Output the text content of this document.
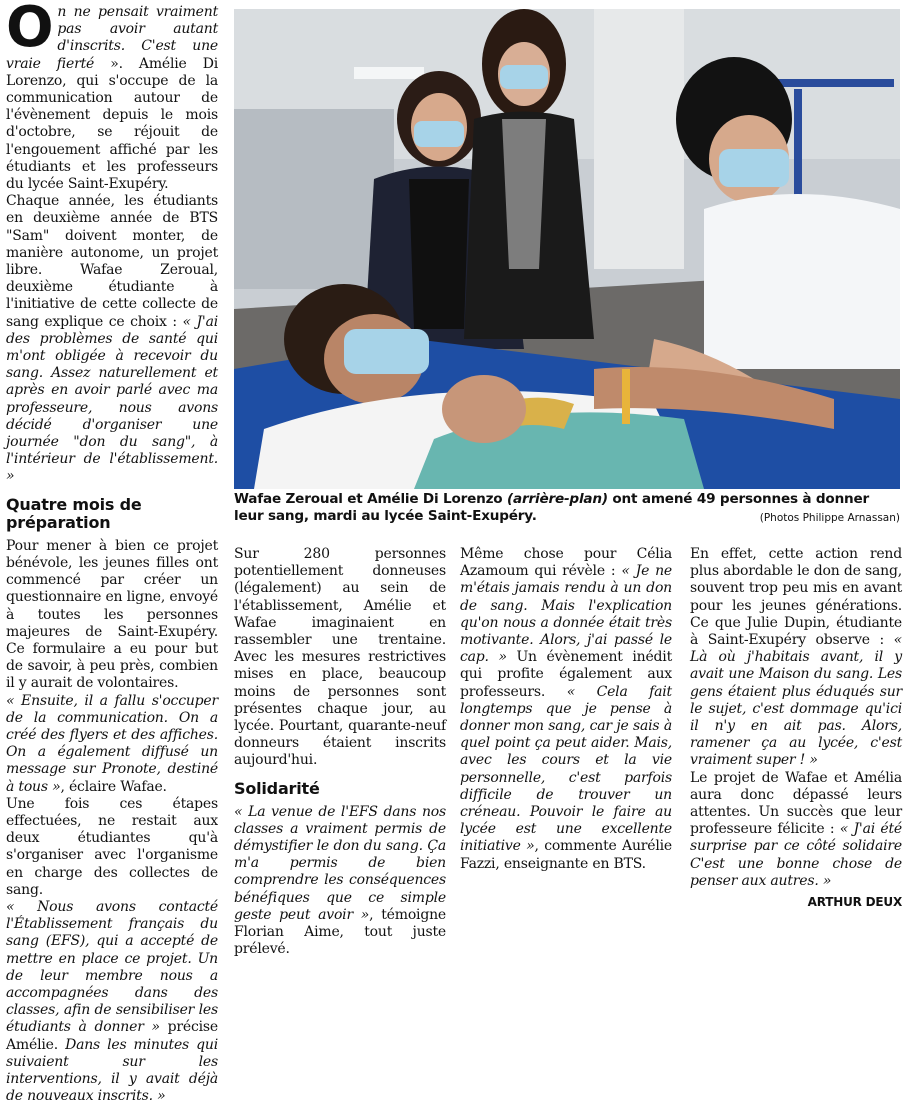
O n ne pensait vraiment pas avoir autant d'inscrits. C'est une vraie fierté ». Amélie Di Lorenzo, qui s'occupe de la communication autour de l'évènement depuis le mois d'octobre, se réjouit de l'engouement affiché par les étudiants et les professeurs du lycée Saint-Exupéry.

Chaque année, les étudiants en deuxième année de BTS "Sam" doivent monter, de manière autonome, un projet libre. Wafae Zeroual, deuxième étudiante à l'initiative de cette collecte de sang explique ce choix : « J'ai des problèmes de santé qui m'ont obligée à recevoir du sang. Assez naturellement et après en avoir parlé avec ma professeure, nous avons décidé d'organiser une journée "don du sang", à l'intérieur de l'établissement. »

Quatre mois de préparation

Pour mener à bien ce projet bénévole, les jeunes filles ont commencé par créer un questionnaire en ligne, envoyé à toutes les personnes majeures de Saint-Exupéry. Ce formulaire a eu pour but de savoir, à peu près, combien il y aurait de volontaires.

« Ensuite, il a fallu s'occuper de la communication. On a créé des flyers et des affiches. On a également diffusé un message sur Pronote, destiné à tous », éclaire Wafae.

Une fois ces étapes effectuées, ne restait aux deux étudiantes qu'à s'organiser avec l'organisme en charge des collectes de sang.

« Nous avons contacté l'Établissement français du sang (EFS), qui a accepté de mettre en place ce projet. Un de leur membre nous a accompagnées dans des classes, afin de sensibiliser les étudiants à donner » précise Amélie. Dans les minutes qui suivaient sur les interventions, il y avait déjà de nouveaux inscrits. »

Wafae Zeroual et Amélie Di Lorenzo (arrière-plan) ont amené 49 personnes à donner leur sang, mardi au lycée Saint-Exupéry.	(Photos Philippe Arnassan)

Sur 280 personnes potentiellement donneuses (légalement) au sein de l'établissement, Amélie et Wafae imaginaient en rassembler une trentaine. Avec les mesures restrictives mises en place, beaucoup moins de personnes sont présentes chaque jour, au lycée. Pourtant, quarante-neuf donneurs étaient inscrits aujourd'hui.

Solidarité

« La venue de l'EFS dans nos classes a vraiment permis de démystifier le don du sang. Ça m'a permis de bien comprendre les conséquences bénéfiques que ce simple geste peut avoir », témoigne Florian Aime, tout juste prélevé.

Même chose pour Célia Azamoum qui révèle : « Je ne m'étais jamais rendu à un don de sang. Mais l'explication qu'on nous a donnée était très motivante. Alors, j'ai passé le cap. » Un évènement inédit qui profite également aux professeurs. « Cela fait longtemps que je pense à donner mon sang, car je sais à quel point ça peut aider. Mais, avec les cours et la vie personnelle, c'est parfois difficile de trouver un créneau. Pouvoir le faire au lycée est une excellente initiative », commente Aurélie Fazzi, enseignante en BTS.

En effet, cette action rend plus abordable le don de sang, souvent trop peu mis en avant pour les jeunes générations. Ce que Julie Dupin, étudiante à Saint-Exupéry observe : « Là où j'habitais avant, il y avait une Maison du sang. Les gens étaient plus éduqués sur le sujet, c'est dommage qu'ici il n'y en ait pas. Alors, ramener ça au lycée, c'est vraiment super ! »

Le projet de Wafae et Amélia aura donc dépassé leurs attentes. Un succès que leur professeure félicite : « J'ai été surprise par ce côté solidaire C'est une bonne chose de penser aux autres. »

ARTHUR DEUX
